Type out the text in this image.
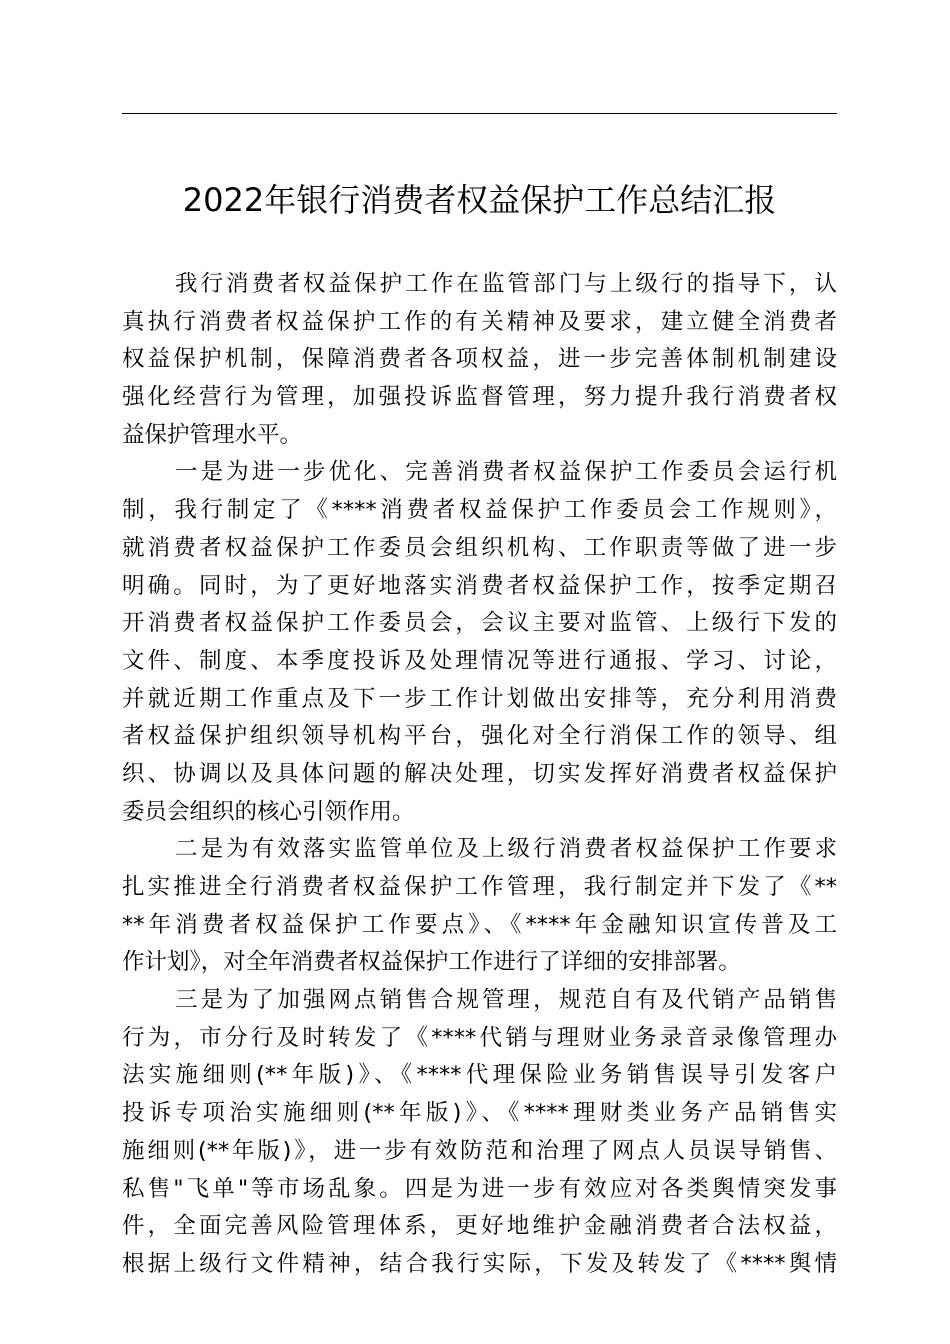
2022年银行消费者权益保护工作总结汇报
我行消费者权益保护工作在监管部门与上级行的指导下，认
真执行消费者权益保护工作的有关精神及要求，建立健全消费者
权益保护机制，保障消费者各项权益，进一步完善体制机制建设
强化经营行为管理，加强投诉监督管理，努力提升我行消费者权
益保护管理水平。
一是为进一步优化、完善消费者权益保护工作委员会运行机
制，我行制定了《****消费者权益保护工作委员会工作规则》，
就消费者权益保护工作委员会组织机构、工作职责等做了进一步
明确。同时，为了更好地落实消费者权益保护工作，按季定期召
开消费者权益保护工作委员会，会议主要对监管、上级行下发的
文件、制度、本季度投诉及处理情况等进行通报、学习、讨论，
并就近期工作重点及下一步工作计划做出安排等，充分利用消费
者权益保护组织领导机构平台，强化对全行消保工作的领导、组
织、协调以及具体问题的解决处理，切实发挥好消费者权益保护
委员会组织的核心引领作用。
二是为有效落实监管单位及上级行消费者权益保护工作要求
扎实推进全行消费者权益保护工作管理，我行制定并下发了《**
**年消费者权益保护工作要点》、《****年金融知识宣传普及工
作计划》，对全年消费者权益保护工作进行了详细的安排部署。
三是为了加强网点销售合规管理，规范自有及代销产品销售
行为，市分行及时转发了《****代销与理财业务录音录像管理办
法实施细则(**年版)》、《****代理保险业务销售误导引发客户
投诉专项治实施细则(**年版)》、《****理财类业务产品销售实
施细则(**年版)》，进一步有效防范和治理了网点人员误导销售、
私售"飞单"等市场乱象。四是为进一步有效应对各类舆情突发事
件，全面完善风险管理体系，更好地维护金融消费者合法权益，
根据上级行文件精神，结合我行实际，下发及转发了《****舆情
